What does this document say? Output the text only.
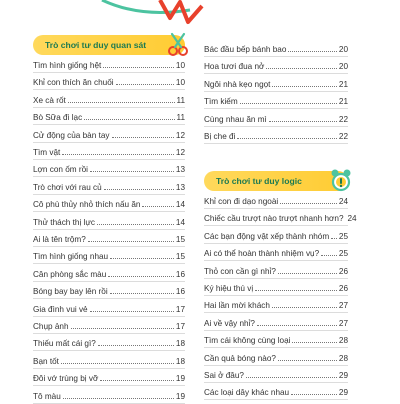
Trò chơi tư duy quan sát
Tìm hình giống hệt	10
Khỉ con thích ăn chuối	10
Xe cà rốt	11
Bò Sữa đi lạc	11
Cử động của bàn tay	12
Tìm vật	12
Lợn con ốm rồi	13
Trò chơi với rau củ	13
Cô phù thủy nhỏ thích nấu ăn	14
Thử thách thị lực	14
Ai là tên trộm?	15
Tìm hình giống nhau	15
Cân phòng sắc màu	16
Bóng bay bay lên rồi	16
Gia đình vui vẻ	17
Chụp ảnh	17
Thiếu mất cái gì?	18
Bạn tốt	18
Đôi vớ trùng bị vỡ	19
Tô màu	19
Bác đầu bếp bánh bao	20
Hoa tươi đua nở	20
Ngôi nhà kẹo ngọt	21
Tìm kiếm	21
Cùng nhau ăn mì	22
Bị che đi	22
Trò chơi tư duy logic
Khỉ con đi dạo ngoài	24
Chiếc cầu trượt nào trượt nhanh hơn? 24
Các bạn động vật xếp thành nhóm 25
Ai có thể hoàn thành nhiệm vụ? 25
Thỏ con cần gì nhỉ?	26
Ký hiệu thú vị	26
Hai lần mời khách	27
Ai về vậy nhỉ?	27
Tìm cái không cùng loại	28
Cần quả bóng nào?	28
Sai ở đâu?	29
Các loại dây khác nhau	29
